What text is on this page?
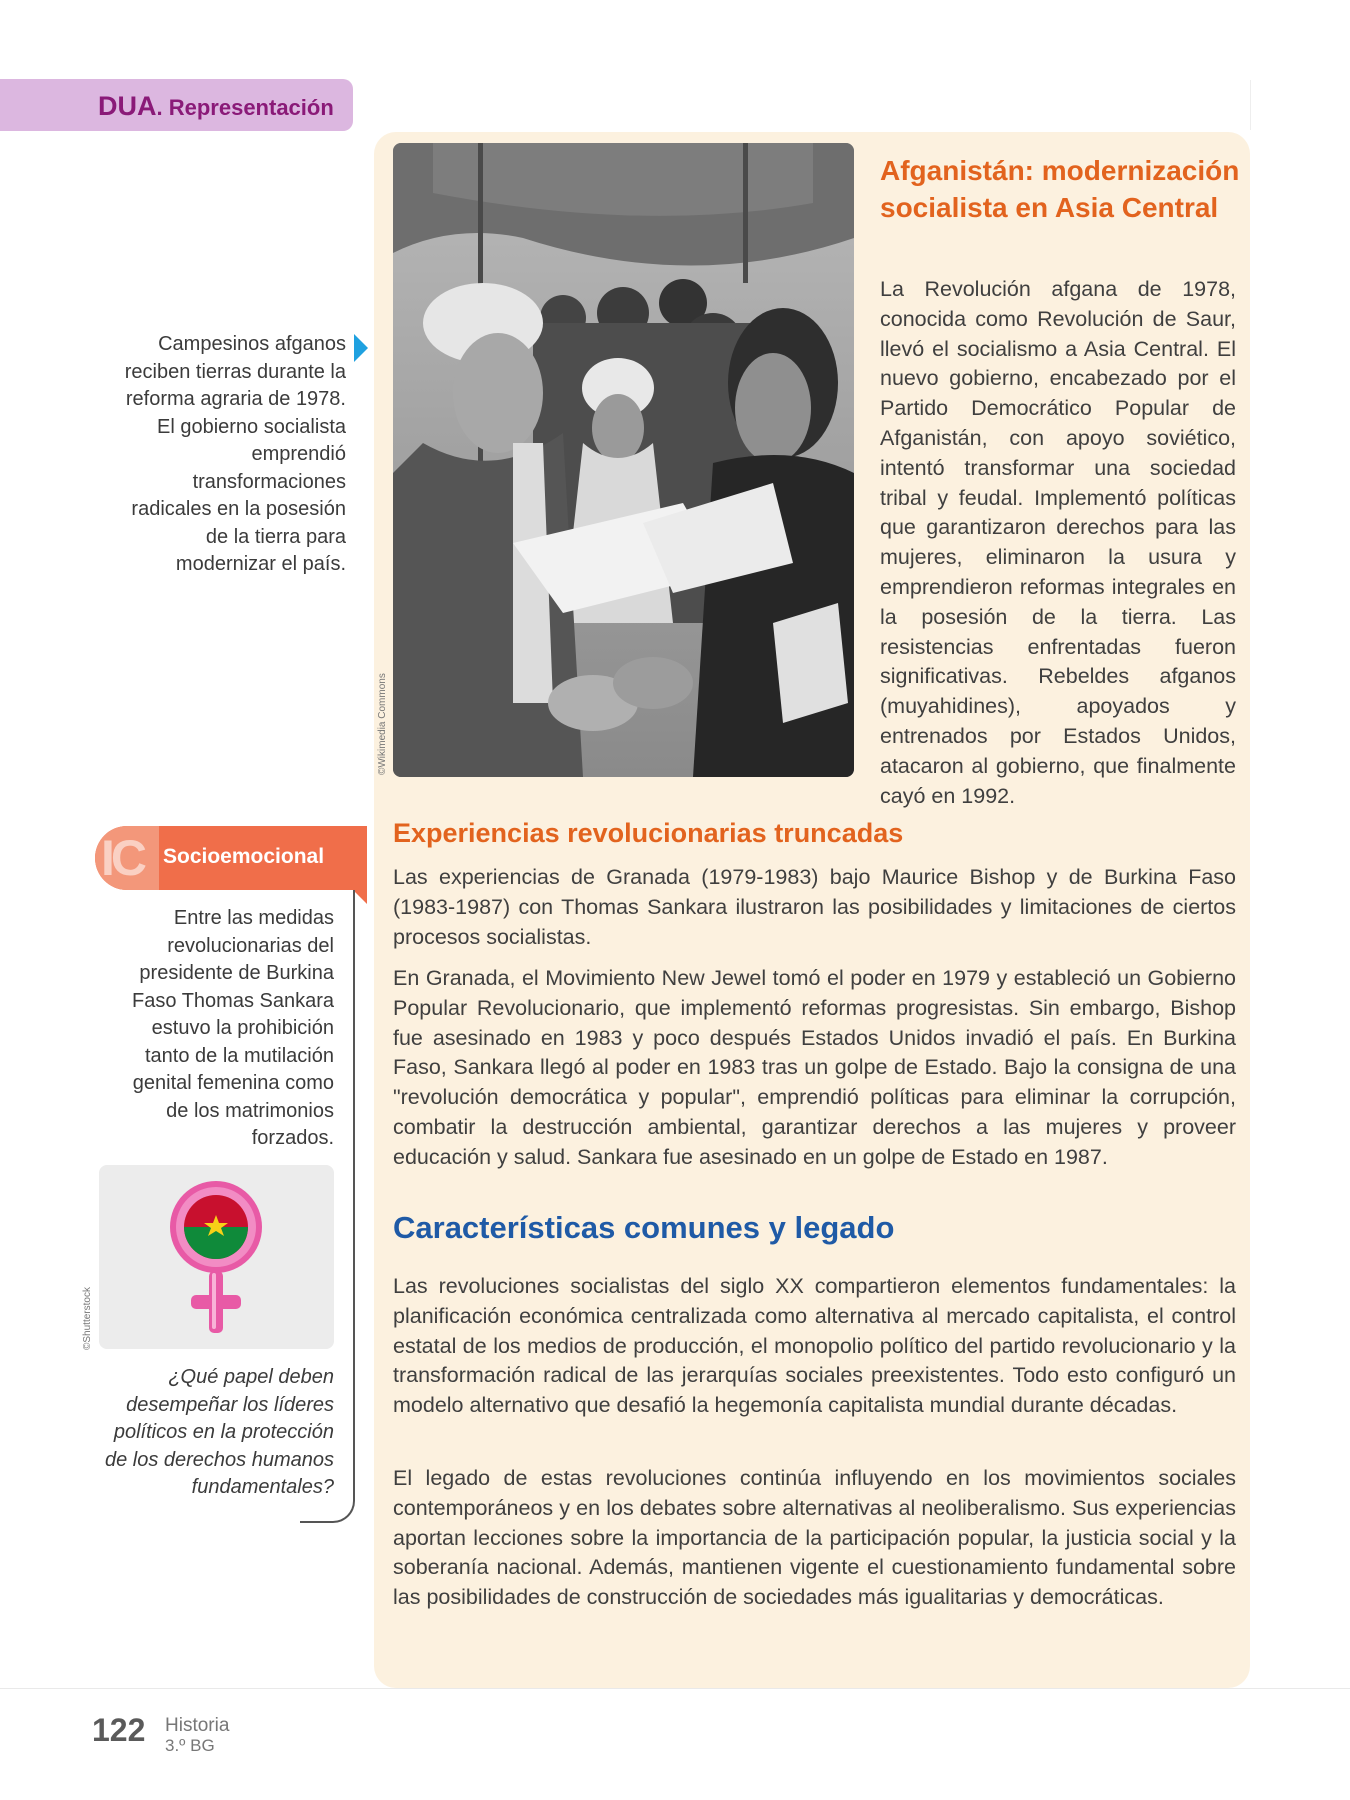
DUA. Representación
©Wikimedia Commons
Campesinos afganos reciben tierras durante la reforma agraria de 1978. El gobierno socialista emprendió transformaciones radicales en la posesión de la tierra para modernizar el país.
Afganistán: modernización socialista en Asia Central
La Revolución afgana de 1978, conocida como Revolución de Saur, llevó el socialismo a Asia Central. El nuevo gobierno, encabezado por el Partido Democrático Popular de Afganistán, con apoyo soviético, intentó transformar una sociedad tribal y feudal. Implementó políticas que garantizaron derechos para las mujeres, eliminaron la usura y emprendieron reformas integrales en la posesión de la tierra. Las resistencias enfrentadas fueron significativas. Rebeldes afganos (muyahidines), apoyados y entrenados por Estados Unidos, atacaron al gobierno, que finalmente cayó en 1992.
Experiencias revolucionarias truncadas
Las experiencias de Granada (1979-1983) bajo Maurice Bishop y de Burkina Faso (1983-1987) con Thomas Sankara ilustraron las posibilidades y limitaciones de ciertos procesos socialistas.
En Granada, el Movimiento New Jewel tomó el poder en 1979 y estableció un Gobierno Popular Revolucionario, que implementó reformas progresistas. Sin embargo, Bishop fue asesinado en 1983 y poco después Estados Unidos invadió el país. En Burkina Faso, Sankara llegó al poder en 1983 tras un golpe de Estado. Bajo la consigna de una "revolución democrática y popular", emprendió políticas para eliminar la corrupción, combatir la destrucción ambiental, garantizar derechos a las mujeres y proveer educación y salud. Sankara fue asesinado en un golpe de Estado en 1987.
Características comunes y legado
Las revoluciones socialistas del siglo XX compartieron elementos fundamentales: la planificación económica centralizada como alternativa al mercado capitalista, el control estatal de los medios de producción, el monopolio político del partido revolucionario y la transformación radical de las jerarquías sociales preexistentes. Todo esto configuró un modelo alternativo que desafió la hegemonía capitalista mundial durante décadas.
El legado de estas revoluciones continúa influyendo en los movimientos sociales contemporáneos y en los debates sobre alternativas al neoliberalismo. Sus experiencias aportan lecciones sobre la importancia de la participación popular, la justicia social y la soberanía nacional. Además, mantienen vigente el cuestionamiento fundamental sobre las posibilidades de construcción de sociedades más igualitarias y democráticas.
IC Socioemocional
Entre las medidas revolucionarias del presidente de Burkina Faso Thomas Sankara estuvo la prohibición tanto de la mutilación genital femenina como de los matrimonios forzados.
©Shutterstock
¿Qué papel deben desempeñar los líderes políticos en la protección de los derechos humanos fundamentales?
122 Historia
3.º BG
